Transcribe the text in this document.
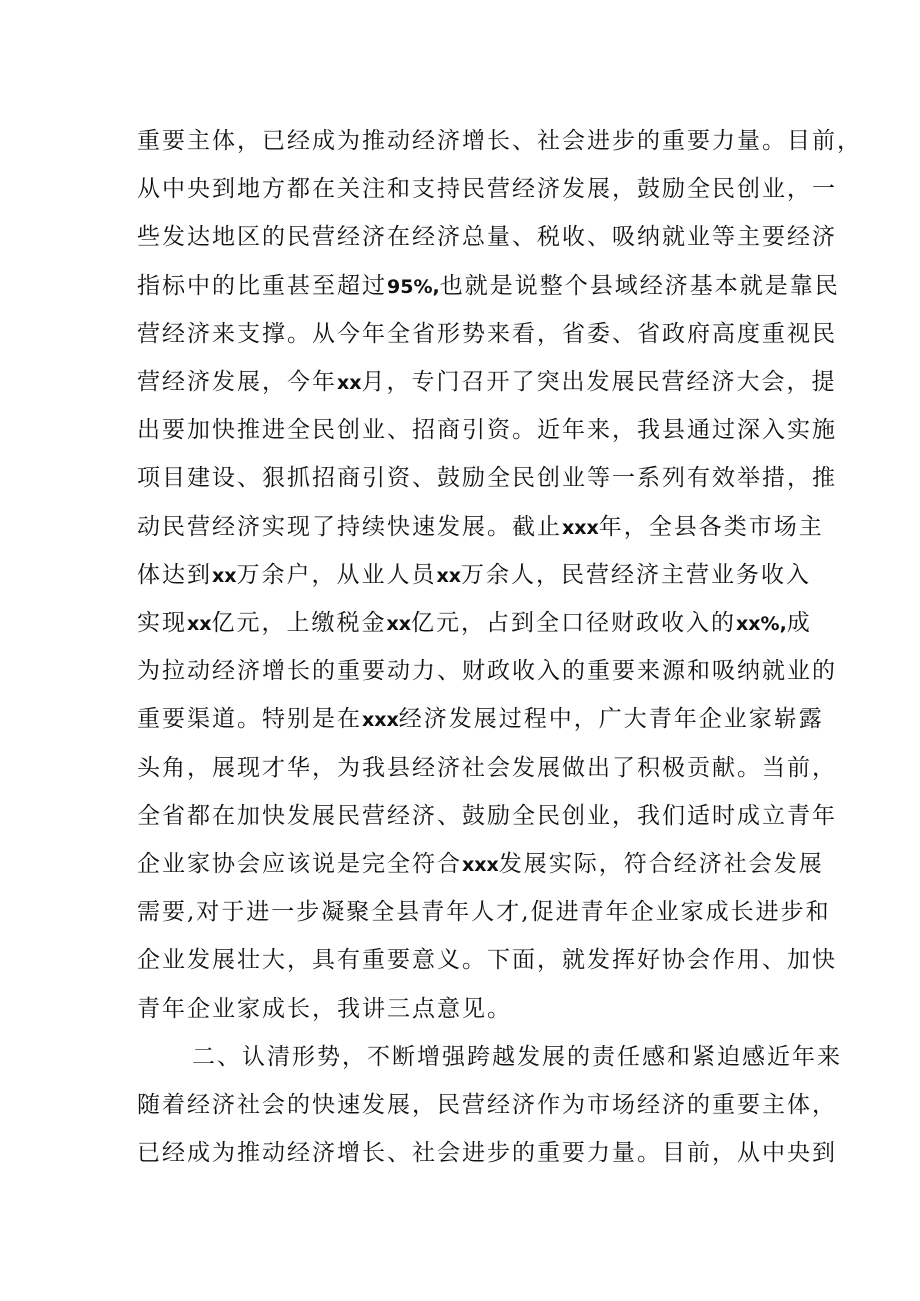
重要主体，已经成为推动经济增长、社会进步的重要力量。目前，
从中央到地方都在关注和支持民营经济发展，鼓励全民创业，一
些发达地区的民营经济在经济总量、税收、吸纳就业等主要经济
指标中的比重甚至超过95%,也就是说整个县域经济基本就是靠民
营经济来支撑。从今年全省形势来看，省委、省政府高度重视民
营经济发展，今年xx月，专门召开了突出发展民营经济大会，提
出要加快推进全民创业、招商引资。近年来，我县通过深入实施
项目建设、狠抓招商引资、鼓励全民创业等一系列有效举措，推
动民营经济实现了持续快速发展。截止xxx年，全县各类市场主
体达到xx万余户，从业人员xx万余人，民营经济主营业务收入
实现xx亿元，上缴税金xx亿元，占到全口径财政收入的xx%,成
为拉动经济增长的重要动力、财政收入的重要来源和吸纳就业的
重要渠道。特别是在xxx经济发展过程中，广大青年企业家崭露
头角，展现才华，为我县经济社会发展做出了积极贡献。当前，
全省都在加快发展民营经济、鼓励全民创业，我们适时成立青年
企业家协会应该说是完全符合xxx发展实际，符合经济社会发展
需要,对于进一步凝聚全县青年人才,促进青年企业家成长进步和
企业发展壮大，具有重要意义。下面，就发挥好协会作用、加快
青年企业家成长，我讲三点意见。
二、认清形势，不断增强跨越发展的责任感和紧迫感近年来
随着经济社会的快速发展，民营经济作为市场经济的重要主体，
已经成为推动经济增长、社会进步的重要力量。目前，从中央到
